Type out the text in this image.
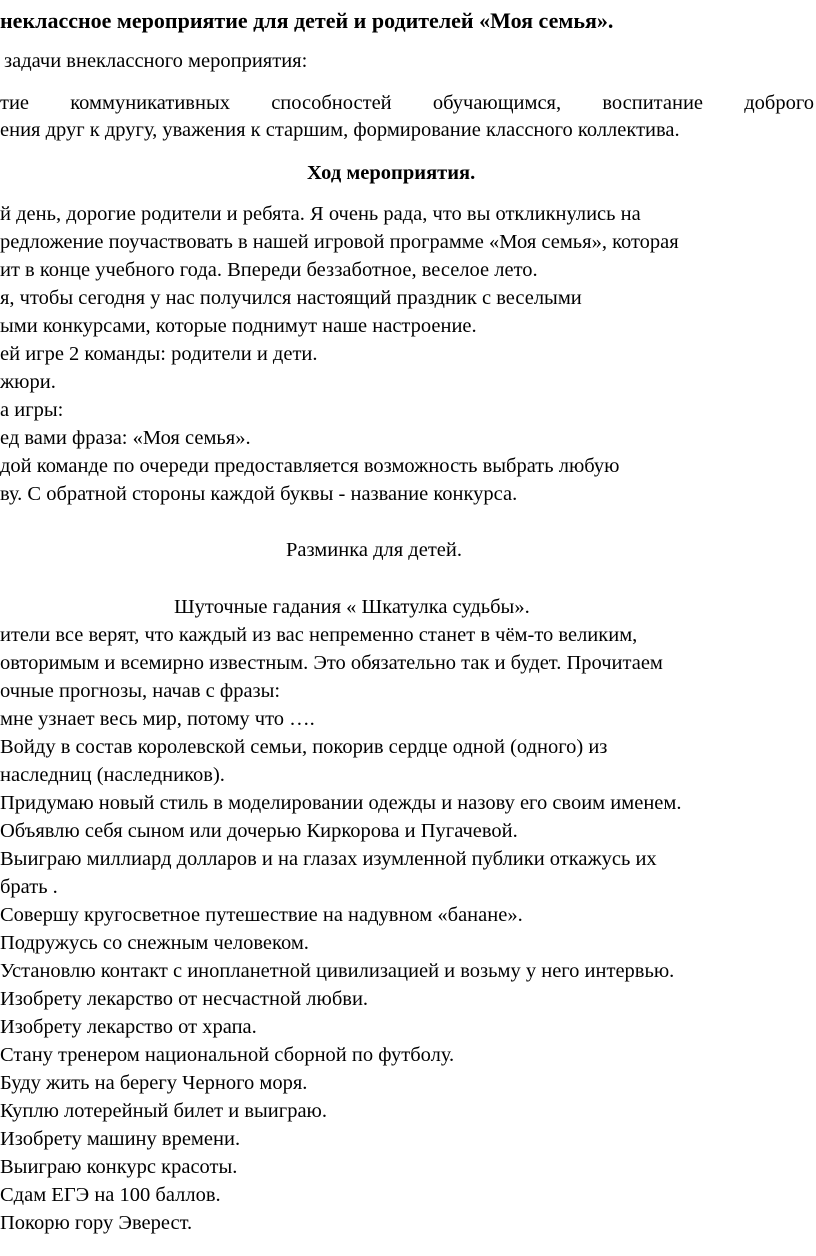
неклассное мероприятие для детей и родителей «Моя семья».

задачи внеклассного мероприятия:

тие коммуникативных способностей обучающимся, воспитание доброго

ения друг к другу, уважения к старшим, формирование классного коллектива.

Ход мероприятия.

й день, дорогие родители и ребята. Я очень рада, что вы откликнулись на

редложение поучаствовать в нашей игровой программе «Моя семья», которая

ит в конце учебного года. Впереди беззаботное, веселое лето.

я, чтобы сегодня у нас получился настоящий праздник с веселыми

ыми конкурсами, которые поднимут наше настроение.

ей игре 2 команды: родители и дети.

жюри.

а игры:

ед вами фраза: «Моя семья».

дой команде по очереди предоставляется возможность выбрать любую

ву. С обратной стороны каждой буквы - название конкурса.

Разминка для детей.

Шуточные гадания « Шкатулка судьбы».

ители все верят, что каждый из вас непременно станет в чём-то великим,

овторимым и всемирно известным. Это обязательно так и будет. Прочитаем

очные прогнозы, начав с фразы:

мне узнает весь мир, потому что ….

Войду в состав королевской семьи, покорив сердце одной (одного) из

наследниц (наследников).

Придумаю новый стиль в моделировании одежды и назову его своим именем.

Объявлю себя сыном или дочерью Киркорова и Пугачевой.

Выиграю миллиард долларов и на глазах изумленной публики откажусь их

брать .

Совершу кругосветное путешествие на надувном «банане».

Подружусь со снежным человеком.

Установлю контакт с инопланетной цивилизацией и возьму у него интервью.

Изобрету лекарство от несчастной любви.

Изобрету лекарство от храпа.

Стану тренером национальной сборной по футболу.

Буду жить на берегу Черного моря.

Куплю лотерейный билет и выиграю.

Изобрету машину времени.

Выиграю конкурс красоты.

Сдам ЕГЭ на 100 баллов.

Покорю гору Эверест.
